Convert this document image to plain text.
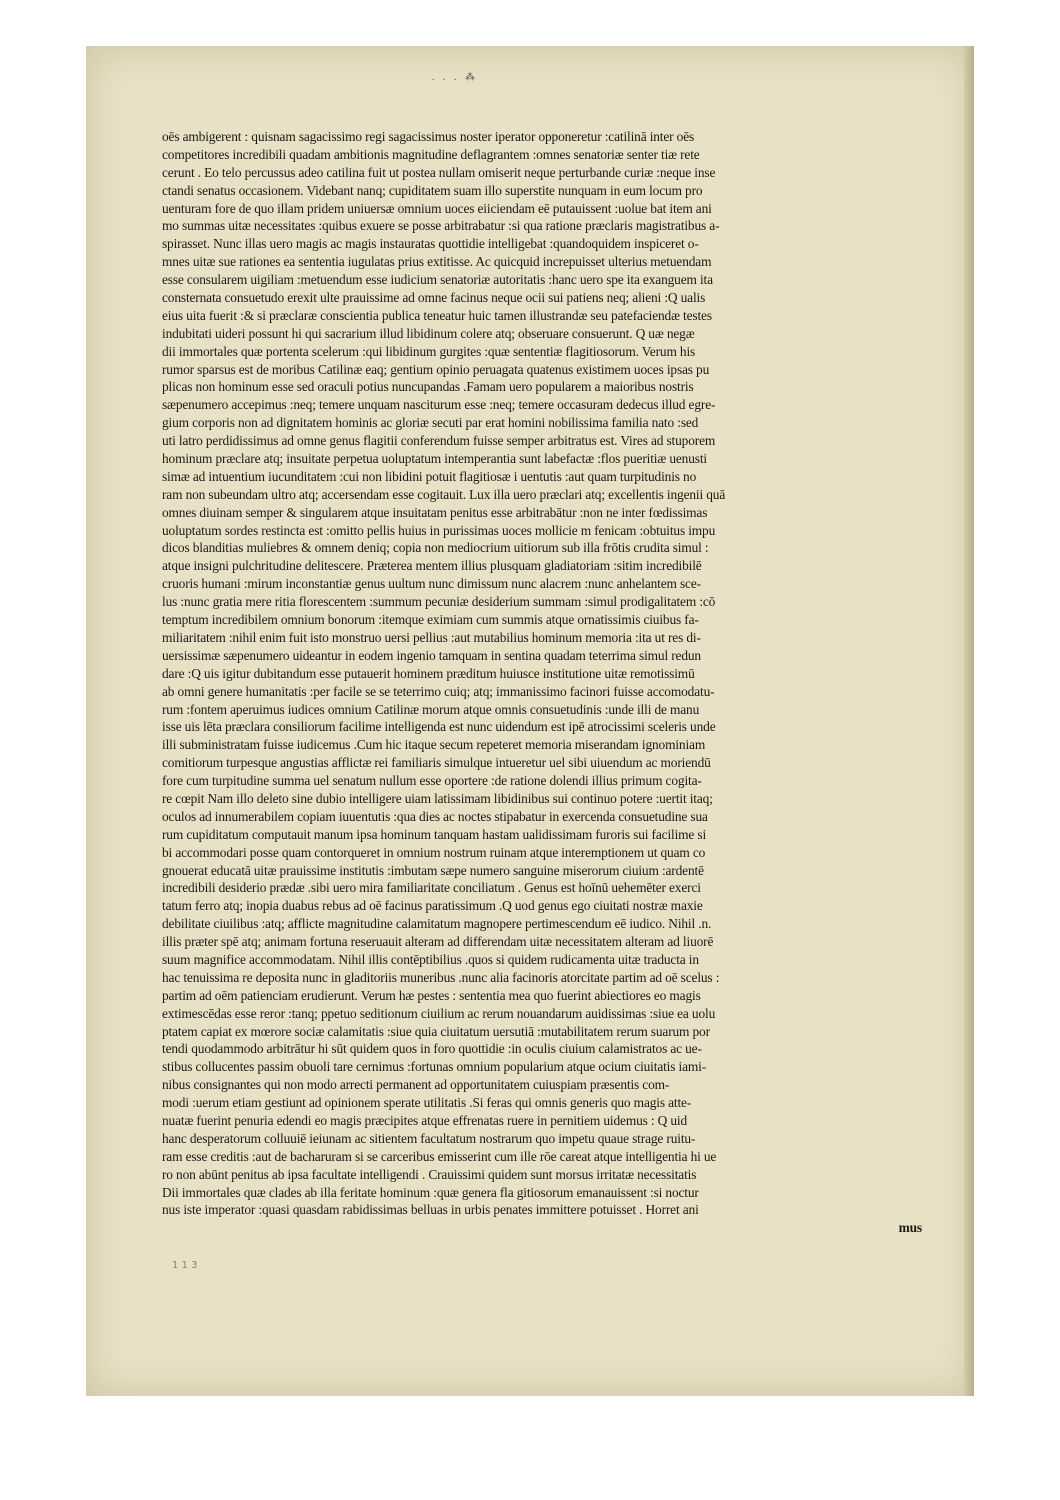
. . . ⁂
oēs ambigerent : quisnam sagacissimo regi sagacissimus noster iperator opponeretur :catilinā inter oēs
competitores incredibili quadam ambitionis magnitudine deflagrantem :omnes senatoriæ senter tiæ rete
cerunt . Eo telo percussus adeo catilina fuit ut postea nullam omiserit neque perturbande curiæ :neque inse
ctandi senatus occasionem. Videbant nanq; cupiditatem suam illo superstite nunquam in eum locum pro
uenturam fore de quo illam pridem uniuersæ omnium uoces eiiciendam eē putauissent :uolue bat item ani
mo summas uitæ necessitates :quibus exuere se posse arbitrabatur :si qua ratione præclaris magistratibus a-
spirasset. Nunc illas uero magis ac magis instauratas quottidie intelligebat :quandoquidem inspiceret o-
mnes uitæ sue rationes ea sententia iugulatas prius extitisse. Ac quicquid increpuisset ulterius metuendam
esse consularem uigiliam :metuendum esse iudicium senatoriæ autoritatis :hanc uero spe ita exanguem ita
consternata consuetudo erexit ulte prauissime ad omne facinus neque ocii sui patiens neq; alieni :Q ualis
eius uita fuerit :& si præclaræ conscientia publica teneatur huic tamen illustrandæ seu patefaciendæ testes
indubitati uideri possunt hi qui sacrarium illud libidinum colere atq; obseruare consuerunt. Q uæ negæ
dii immortales quæ portenta scelerum :qui libidinum gurgites :quæ sententiæ flagitiosorum. Verum his
rumor sparsus est de moribus Catilinæ eaq; gentium opinio peruagata quatenus existimem uoces ipsas pu
plicas non hominum esse sed oraculi potius nuncupandas .Famam uero popularem a maioribus nostris
sæpenumero accepimus :neq; temere unquam nasciturum esse :neq; temere occasuram dedecus illud egre-
gium corporis non ad dignitatem hominis ac gloriæ secuti par erat homini nobilissima familia nato :sed
uti latro perdidissimus ad omne genus flagitii conferendum fuisse semper arbitratus est. Vires ad stuporem
hominum præclare atq; insuitate perpetua uoluptatum intemperantia sunt labefactæ :flos pueritiæ uenusti
simæ ad intuentium iucunditatem :cui non libidini potuit flagitiosæ i uentutis :aut quam turpitudinis no
ram non subeundam ultro atq; accersendam esse cogitauit. Lux illa uero præclari atq; excellentis ingenii quā
omnes diuinam semper & singularem atque insuitatam penitus esse arbitrabātur :non ne inter fœdissimas
uoluptatum sordes restincta est :omitto pellis huius in purissimas uoces mollicie m fenicam :obtuitus impu
dicos blanditias muliebres & omnem deniq; copia non mediocrium uitiorum sub illa frōtis crudita simul :
atque insigni pulchritudine delitescere. Præterea mentem illius plusquam gladiatoriam :sitim incredibilē
cruoris humani :mirum inconstantiæ genus uultum nunc dimissum nunc alacrem :nunc anhelantem sce-
lus :nunc gratia mere ritia florescentem :summum pecuniæ desiderium summam :simul prodigalitatem :cō
temptum incredibilem omnium bonorum :itemque eximiam cum summis atque ornatissimis ciuibus fa-
miliaritatem :nihil enim fuit isto monstruo uersi pellius :aut mutabilius hominum memoria :ita ut res di-
uersissimæ sæpenumero uideantur in eodem ingenio tamquam in sentina quadam teterrima simul redun
dare :Q uis igitur dubitandum esse putauerit hominem præditum huiusce institutione uitæ remotissimū
ab omni genere humanitatis :per facile se se teterrimo cuiq; atq; immanissimo facinori fuisse accomodatu-
rum :fontem aperuimus iudices omnium Catilinæ morum atque omnis consuetudinis :unde illi de manu
isse uis lēta præclara consiliorum facilime intelligenda est nunc uidendum est ipē atrocissimi sceleris unde
illi subministratam fuisse iudicemus .Cum hic itaque secum repeteret memoria miserandam ignominiam
comitiorum turpesque angustias afflictæ rei familiaris simulque intueretur uel sibi uiuendum ac moriendū
fore cum turpitudine summa uel senatum nullum esse oportere :de ratione dolendi illius primum cogita-
re cœpit Nam illo deleto sine dubio intelligere uiam latissimam libidinibus sui continuo potere :uertit itaq;
oculos ad innumerabilem copiam iuuentutis :qua dies ac noctes stipabatur in exercenda consuetudine sua
rum cupiditatum computauit manum ipsa hominum tanquam hastam ualidissimam furoris sui facilime si
bi accommodari posse quam contorqueret in omnium nostrum ruinam atque interemptionem ut quam co
gnouerat educatā uitæ prauissime institutis :imbutam sæpe numero sanguine miserorum ciuium :ardentē
incredibili desiderio prædæ .sibi uero mira familiaritate conciliatum . Genus est hoīnū uehemēter exerci
tatum ferro atq; inopia duabus rebus ad oē facinus paratissimum .Q uod genus ego ciuitati nostræ maxie
debilitate ciuilibus :atq; afflicte magnitudine calamitatum magnopere pertimescendum eē iudico. Nihil .n.
illis præter spē atq; animam fortuna reseruauit alteram ad differendam uitæ necessitatem alteram ad liuorē
suum magnifice accommodatam. Nihil illis contēptibilius .quos si quidem rudicamenta uitæ traducta in
hac tenuissima re deposita nunc in gladitoriis muneribus .nunc alia facinoris atorcitate partim ad oē scelus :
partim ad oēm patienciam erudierunt. Verum hæ pestes : sententia mea quo fuerint abiectiores eo magis
extimescēdas esse reror :tanq; ppetuo seditionum ciuilium ac rerum nouandarum auidissimas :siue ea uolu
ptatem capiat ex mœrore sociæ calamitatis :siue quia ciuitatum uersutiā :mutabilitatem rerum suarum por
tendi quodammodo arbitrātur hi sūt quidem quos in foro quottidie :in oculis ciuium calamistratos ac ue-
stibus collucentes passim obuoli tare cernimus :fortunas omnium popularium atque ocium ciuitatis iami-
nibus consignantes qui non modo arrecti permanent ad opportunitatem cuiuspiam præsentis com-
modi :uerum etiam gestiunt ad opinionem sperate utilitatis .Si feras qui omnis generis quo magis atte-
nuatæ fuerint penuria edendi eo magis præcipites atque effrenatas ruere in pernitiem uidemus : Q uid
hanc desperatorum colluuiē ieiunam ac sitientem facultatum nostrarum quo impetu quaue strage ruitu-
ram esse creditis :aut de bacharuram si se carceribus emisserint cum ille rōe careat atque intelligentia hi ue
ro non abūnt penitus ab ipsa facultate intelligendi . Crauissimi quidem sunt morsus irritatæ necessitatis
Dii immortales quæ clades ab illa feritate hominum :quæ genera fla gitiosorum emanauissent :si noctur
nus iste imperator :quasi quasdam rabidissimas belluas in urbis penates immittere potuisset . Horret ani
mus
1 1 3
